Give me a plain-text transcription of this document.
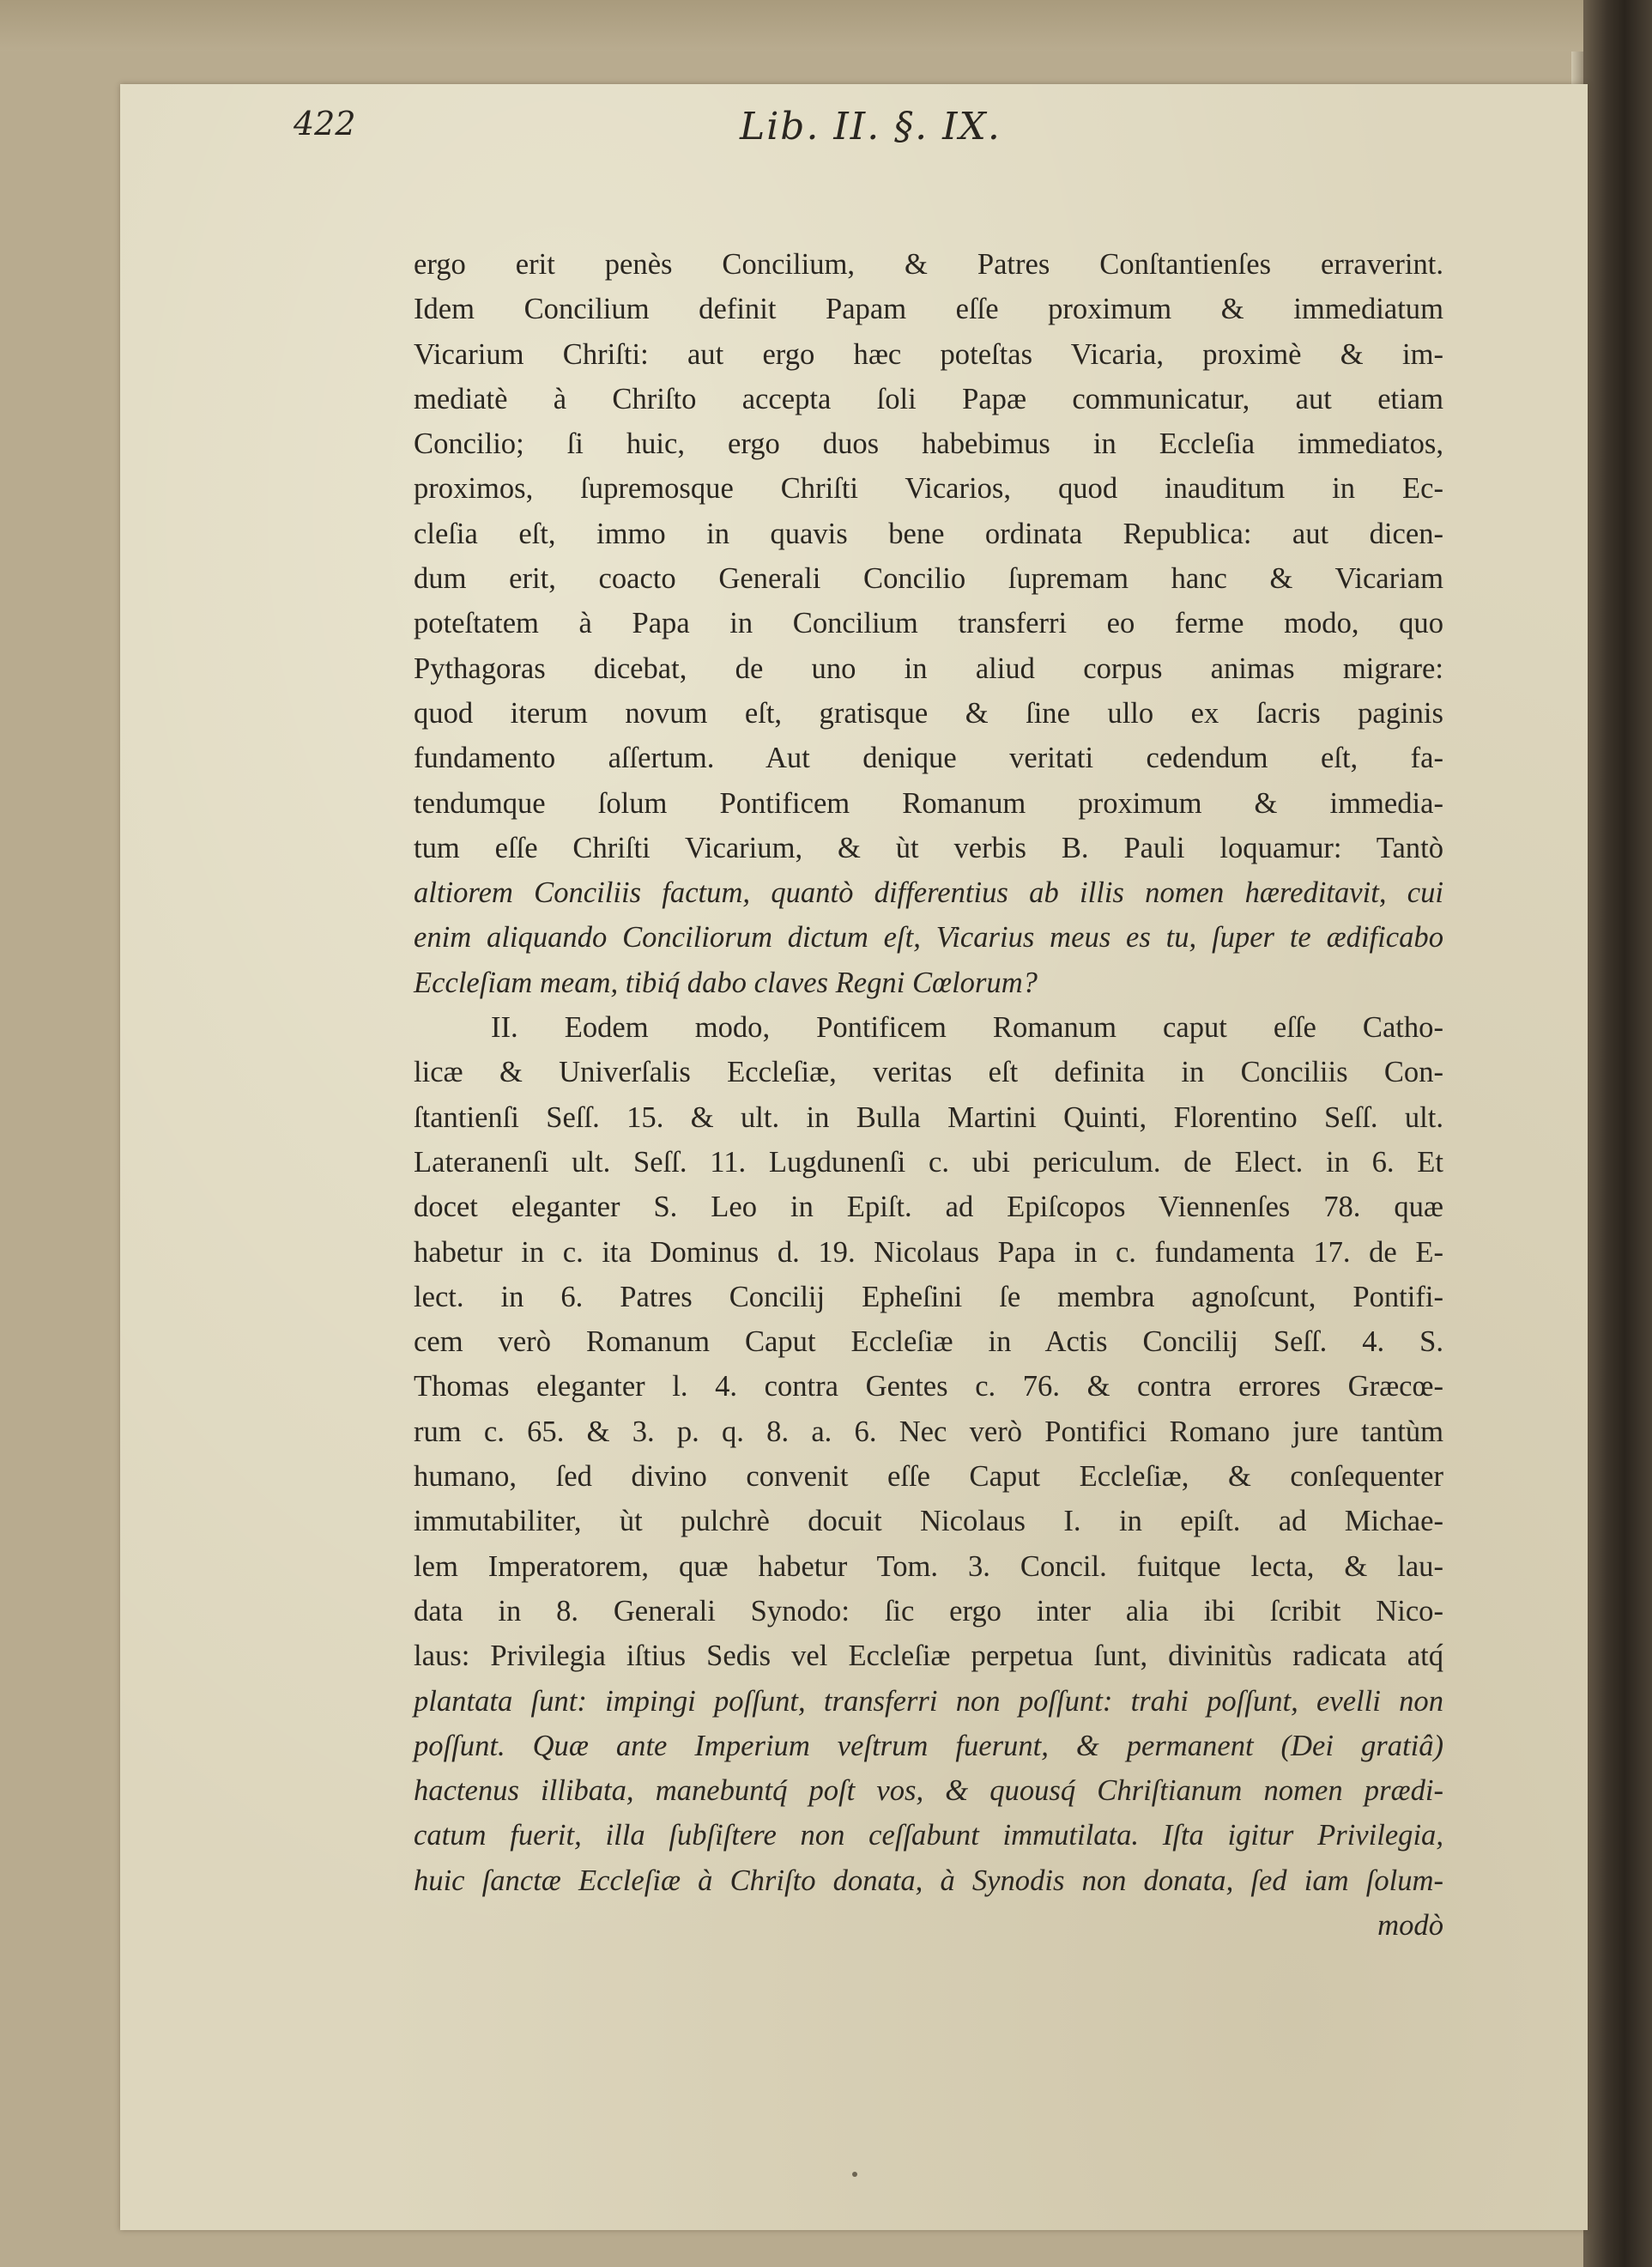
422	Lib. II. §. IX.
ergo erit penès Concilium, & Patres Conſtantienſes erraverint.
Idem Concilium definit Papam eſſe proximum & immediatum
Vicarium Chriſti: aut ergo hæc poteſtas Vicaria, proximè & im-
mediatè à Chriſto accepta ſoli Papæ communicatur, aut etiam
Concilio; ſi huic, ergo duos habebimus in Eccleſia immediatos,
proximos, ſupremosque Chriſti Vicarios, quod inauditum in Ec-
cleſia eſt, immo in quavis bene ordinata Republica: aut dicen-
dum erit, coacto Generali Concilio ſupremam hanc & Vicariam
poteſtatem à Papa in Concilium transferri eo ferme modo, quo
Pythagoras dicebat, de uno in aliud corpus animas migrare:
quod iterum novum eſt, gratisque & ſine ullo ex ſacris paginis
fundamento aſſertum. Aut denique veritati cedendum eſt, fa-
tendumque ſolum Pontificem Romanum proximum & immedia-
tum eſſe Chriſti Vicarium, & ùt verbis B. Pauli loquamur: Tantò
altiorem Conciliis factum, quantò differentius ab illis nomen hæreditavit, cui
enim aliquando Conciliorum dictum eſt, Vicarius meus es tu, ſuper te ædificabo
Eccleſiam meam, tibiq́ dabo claves Regni Cœlorum?
II. Eodem modo, Pontificem Romanum caput eſſe Catho-
licæ & Univerſalis Eccleſiæ, veritas eſt definita in Conciliis Con-
ſtantienſi Seſſ. 15. & ult. in Bulla Martini Quinti, Florentino Seſſ. ult.
Lateranenſi ult. Seſſ. 11. Lugdunenſi c. ubi periculum. de Elect. in 6. Et
docet eleganter S. Leo in Epiſt. ad Epiſcopos Viennenſes 78. quæ
habetur in c. ita Dominus d. 19. Nicolaus Papa in c. fundamenta 17. de E-
lect. in 6. Patres Concilij Epheſini ſe membra agnoſcunt, Pontifi-
cem verò Romanum Caput Eccleſiæ in Actis Concilij Seſſ. 4. S.
Thomas eleganter l. 4. contra Gentes c. 76. & contra errores Græcœ-
rum c. 65. & 3. p. q. 8. a. 6. Nec verò Pontifici Romano jure tantùm
humano, ſed divino convenit eſſe Caput Eccleſiæ, & conſequenter
immutabiliter, ùt pulchrè docuit Nicolaus I. in epiſt. ad Michae-
lem Imperatorem, quæ habetur Tom. 3. Concil. fuitque lecta, & lau-
data in 8. Generali Synodo: ſic ergo inter alia ibi ſcribit Nico-
laus: Privilegia iſtius Sedis vel Eccleſiæ perpetua ſunt, divinitùs radicata atq́
plantata ſunt: impingi poſſunt, transferri non poſſunt: trahi poſſunt, evelli non
poſſunt. Quæ ante Imperium veſtrum fuerunt, & permanent (Dei gratiâ)
hactenus illibata, manebuntq́ poſt vos, & quousq́ Chriſtianum nomen prædi-
catum fuerit, illa ſubſiſtere non ceſſabunt immutilata. Iſta igitur Privilegia,
huic ſanctæ Eccleſiæ à Chriſto donata, à Synodis non donata, ſed iam ſolum-
modò
